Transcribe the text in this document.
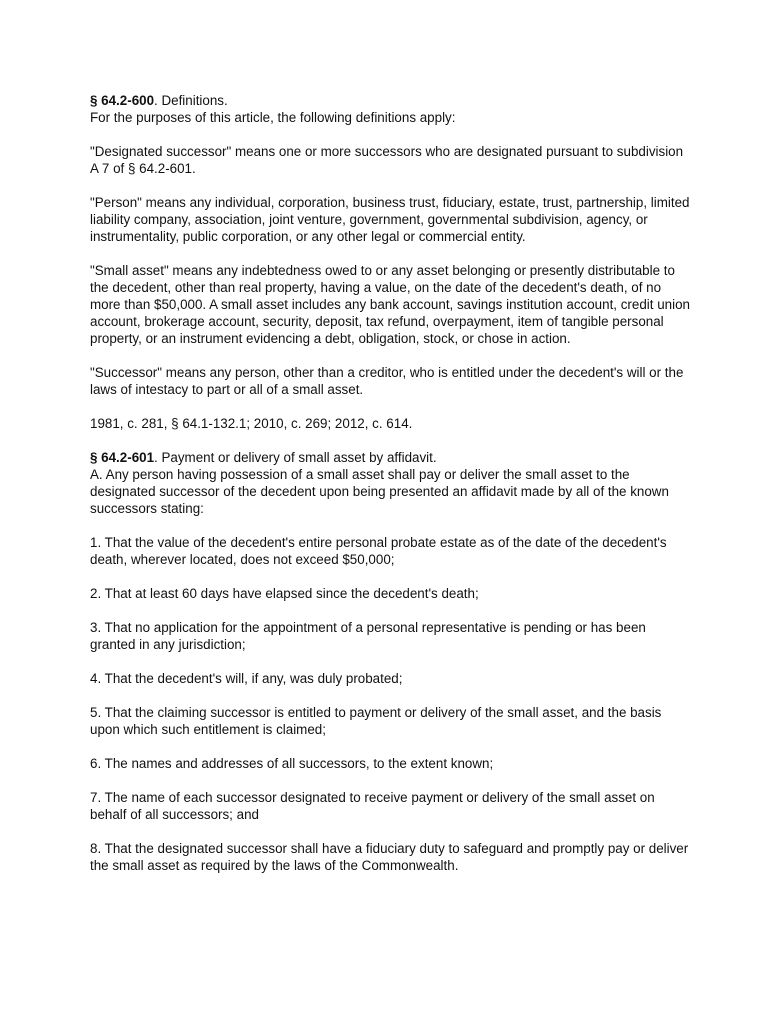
§ 64.2-600. Definitions.

For the purposes of this article, the following definitions apply:

"Designated successor" means one or more successors who are designated pursuant to subdivision A 7 of § 64.2-601.

"Person" means any individual, corporation, business trust, fiduciary, estate, trust, partnership, limited liability company, association, joint venture, government, governmental subdivision, agency, or instrumentality, public corporation, or any other legal or commercial entity.

"Small asset" means any indebtedness owed to or any asset belonging or presently distributable to the decedent, other than real property, having a value, on the date of the decedent's death, of no more than $50,000. A small asset includes any bank account, savings institution account, credit union account, brokerage account, security, deposit, tax refund, overpayment, item of tangible personal property, or an instrument evidencing a debt, obligation, stock, or chose in action.

"Successor" means any person, other than a creditor, who is entitled under the decedent's will or the laws of intestacy to part or all of a small asset.

1981, c. 281, § 64.1-132.1; 2010, c. 269; 2012, c. 614.

§ 64.2-601. Payment or delivery of small asset by affidavit.

A. Any person having possession of a small asset shall pay or deliver the small asset to the designated successor of the decedent upon being presented an affidavit made by all of the known successors stating:

1. That the value of the decedent's entire personal probate estate as of the date of the decedent's death, wherever located, does not exceed $50,000;

2. That at least 60 days have elapsed since the decedent's death;

3. That no application for the appointment of a personal representative is pending or has been granted in any jurisdiction;

4. That the decedent's will, if any, was duly probated;

5. That the claiming successor is entitled to payment or delivery of the small asset, and the basis upon which such entitlement is claimed;

6. The names and addresses of all successors, to the extent known;

7. The name of each successor designated to receive payment or delivery of the small asset on behalf of all successors; and

8. That the designated successor shall have a fiduciary duty to safeguard and promptly pay or deliver the small asset as required by the laws of the Commonwealth.
